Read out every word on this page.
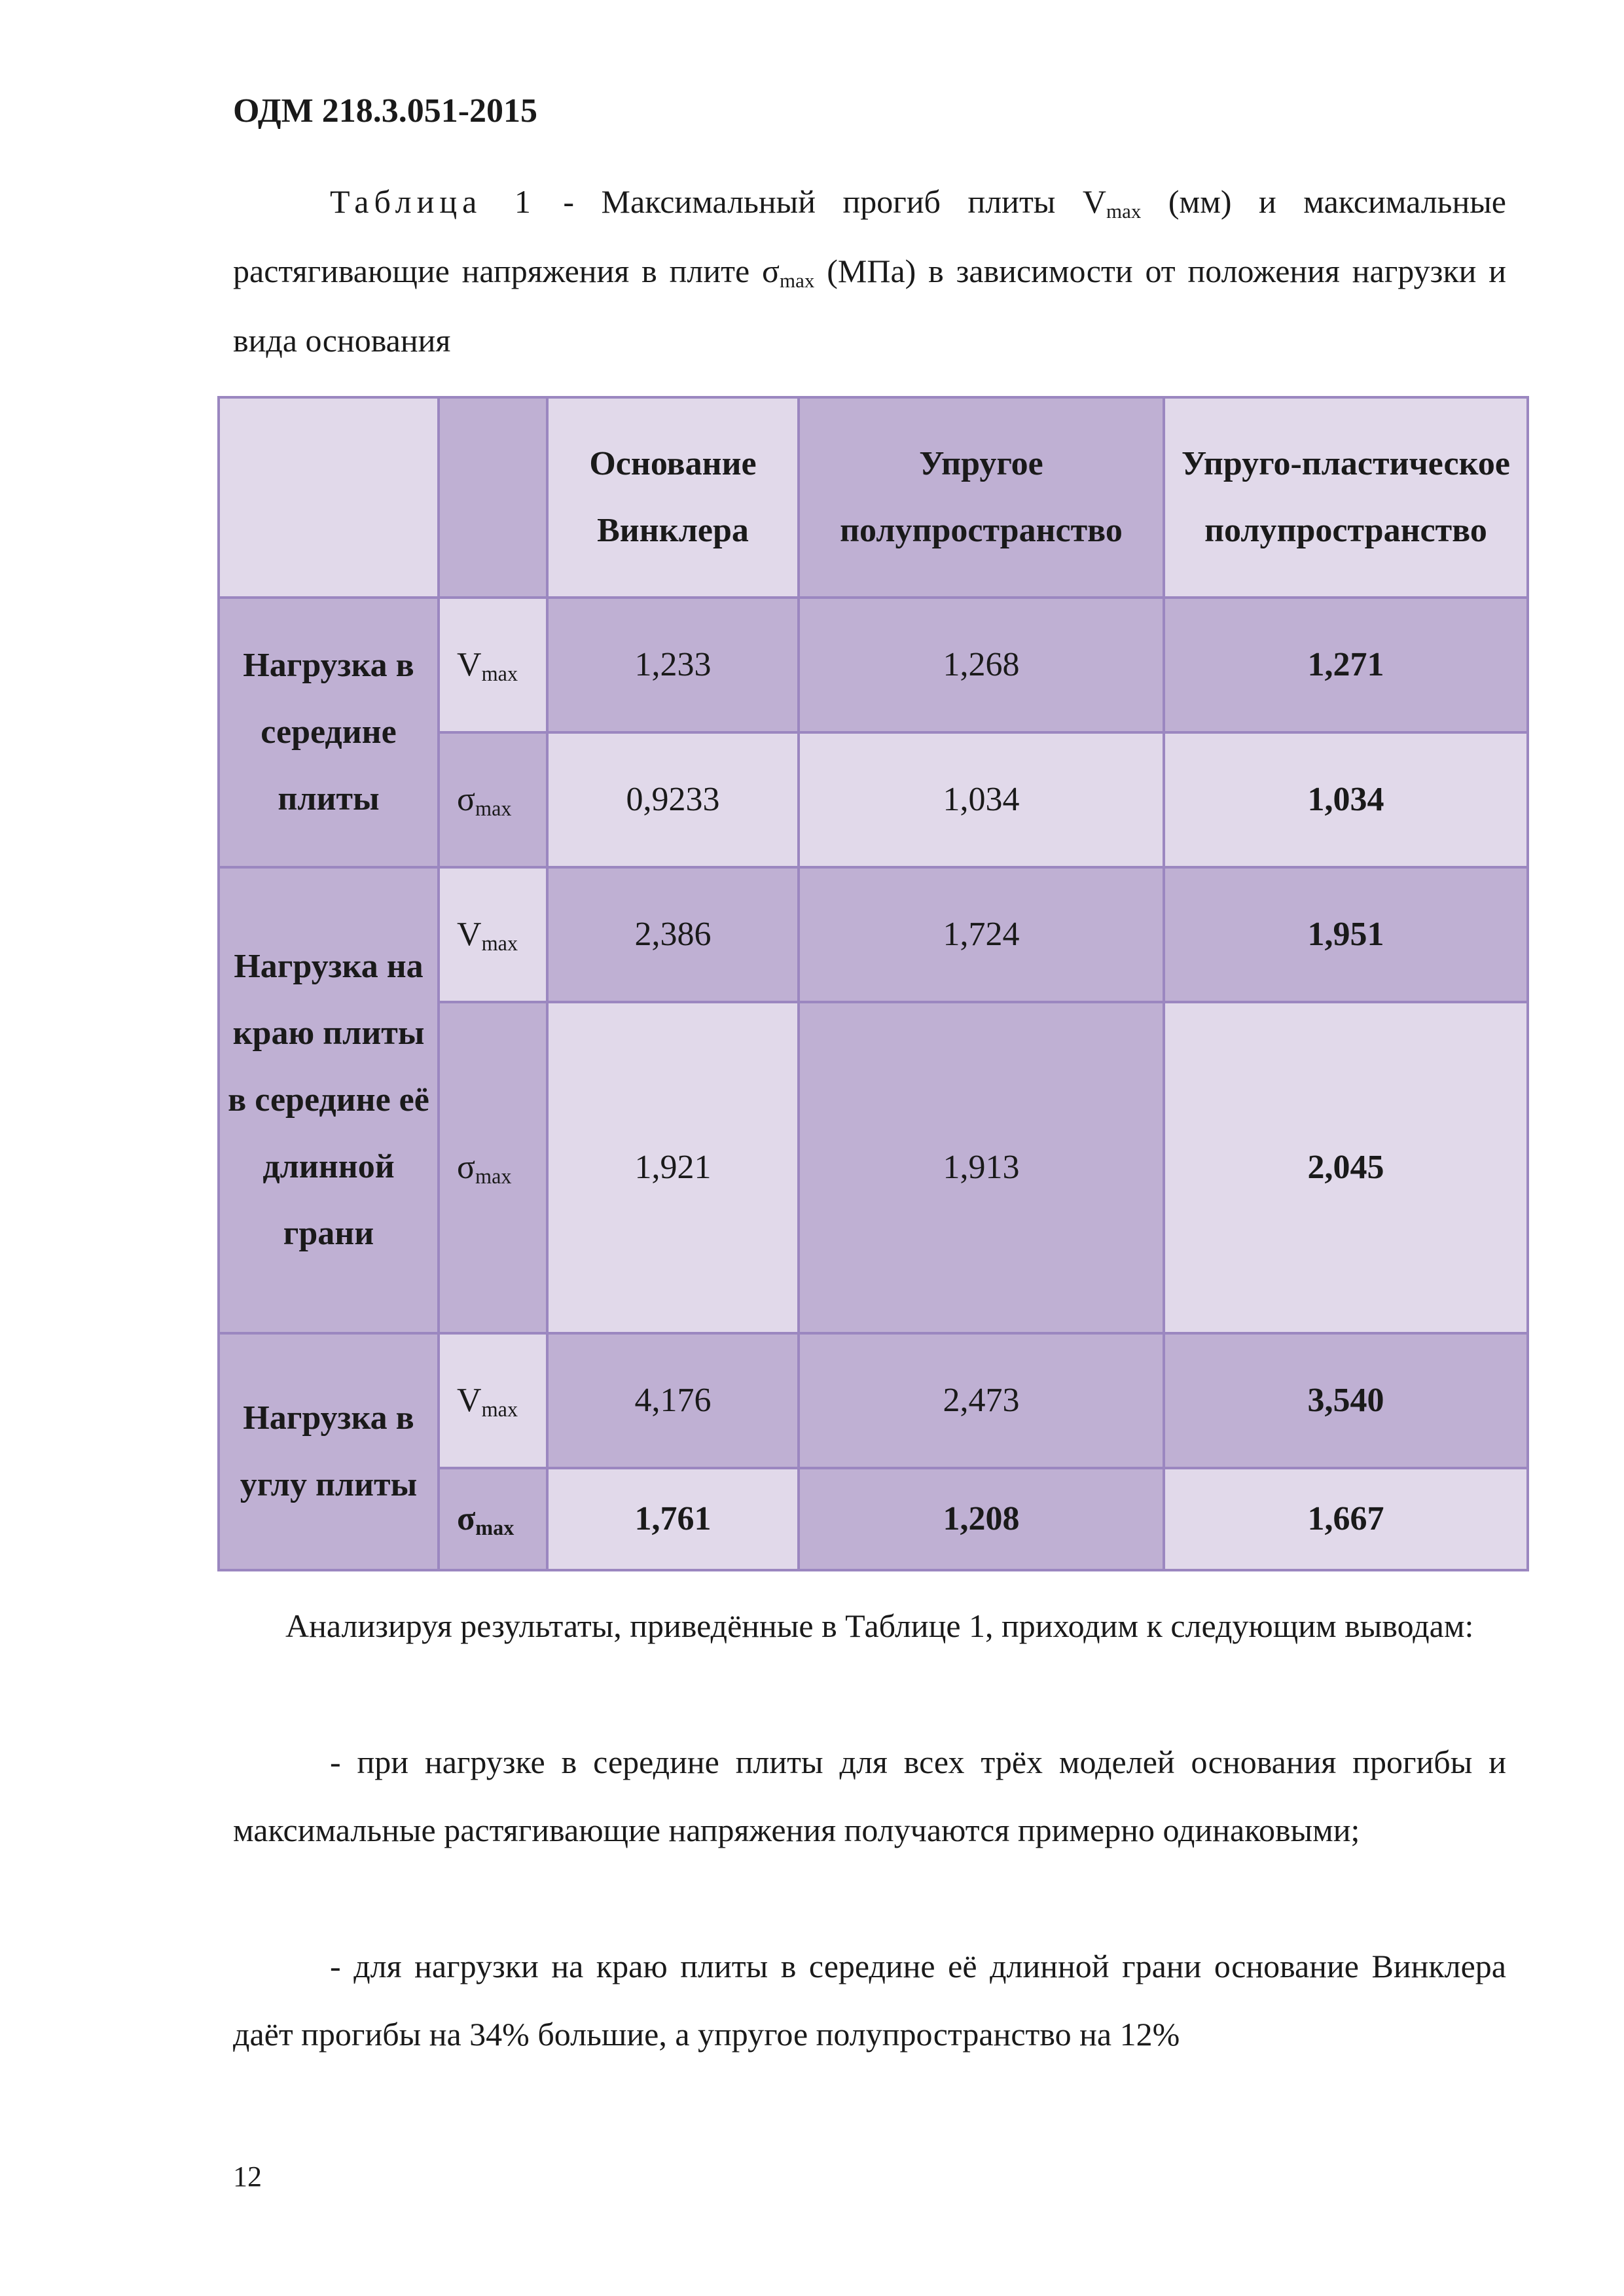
ОДМ 218.3.051-2015
Таблица 1 - Максимальный прогиб плиты $V_{max}$ (мм) и максимальные растягивающие напряжения в плите $\sigma_{max}$ (МПа) в зависимости от положения нагрузки и вида основания
		Основание Винклера	Упругое полупространство	Упруго-пластическое полупространство
Нагрузка в середине плиты	$V_{max}$	1,233	1,268	1,271
	$\sigma_{max}$	0,9233	1,034	1,034
Нагрузка на краю плиты в середине её длинной грани	$V_{max}$	2,386	1,724	1,951
	$\sigma_{max}$	1,921	1,913	2,045
Нагрузка в углу плиты	$V_{max}$	4,176	2,473	3,540
	$\sigma_{max}$	1,761	1,208	1,667
Анализируя результаты, приведённые в Таблице 1, приходим к следующим выводам:
- при нагрузке в середине плиты для всех трёх моделей основания прогибы и максимальные растягивающие напряжения получаются примерно одинаковыми;
- для нагрузки на краю плиты в середине её длинной грани основание Винклера даёт прогибы на 34% большие, а упругое полупространство на 12%
12
